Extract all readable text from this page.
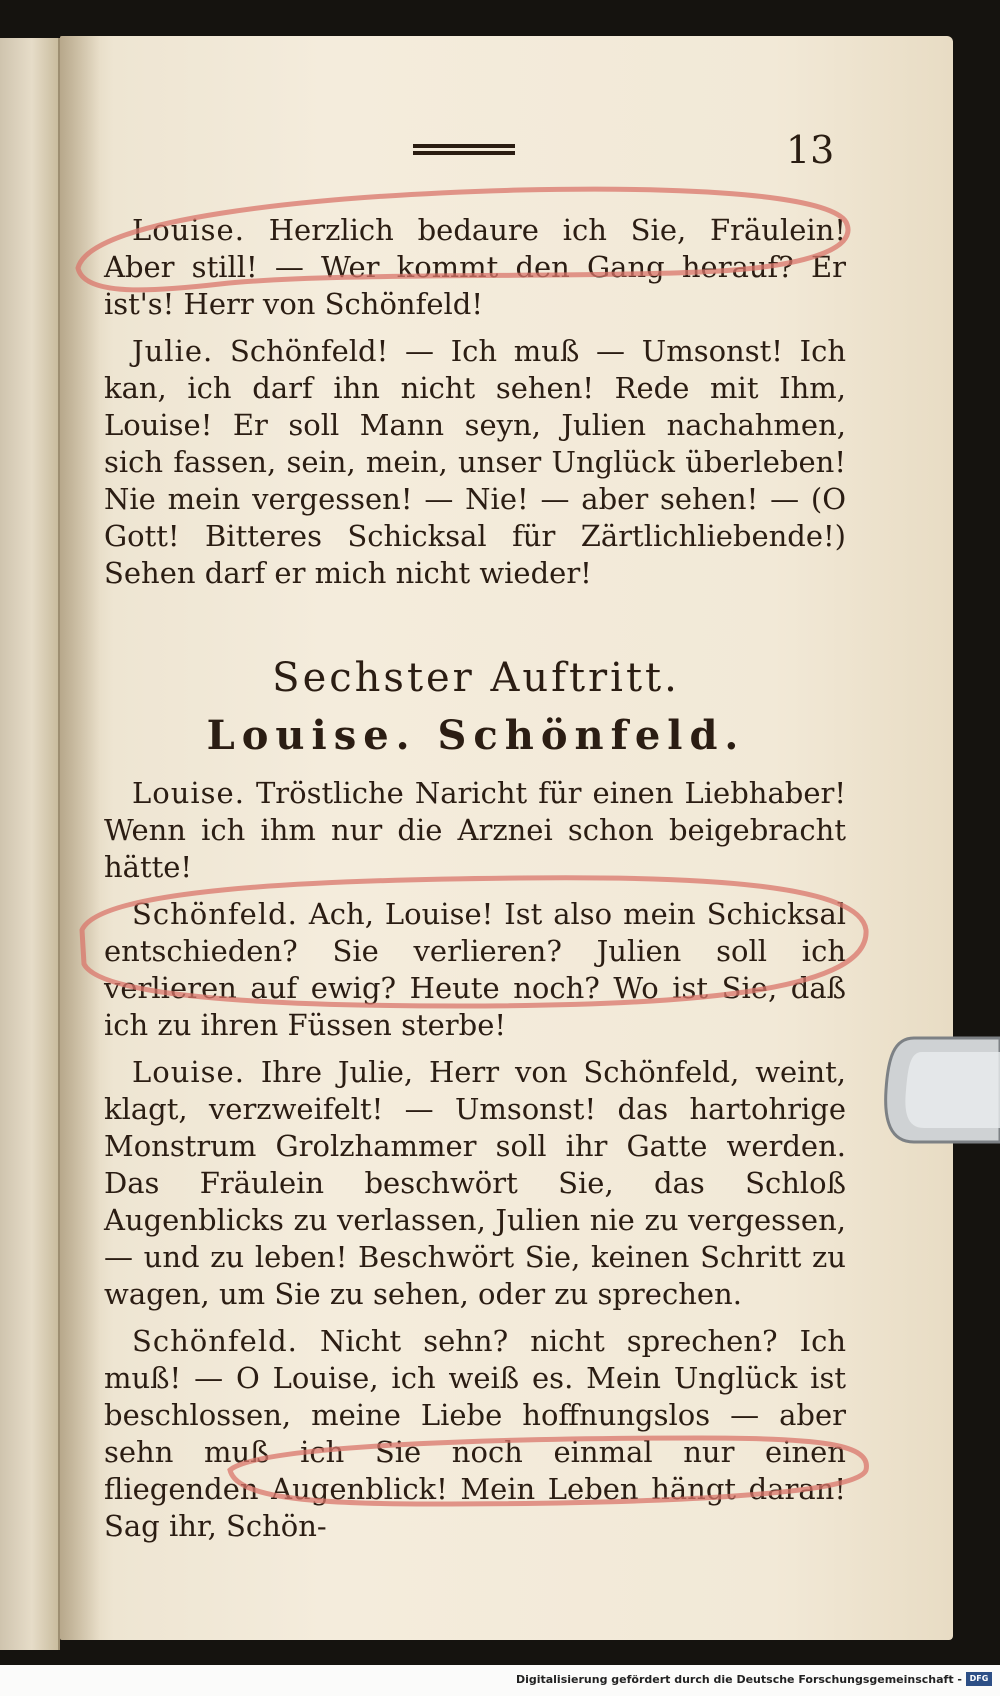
13

Louise. Herzlich bedaure ich Sie, Fräulein! Aber still! — Wer kommt den Gang herauf? Er ist's! Herr von Schönfeld!

Julie. Schönfeld! — Ich muß — Umsonst! Ich kan, ich darf ihn nicht sehen! Rede mit Ihm, Louise! Er soll Mann seyn, Julien nachahmen, sich fassen, sein, mein, unser Unglück überleben! Nie mein vergessen! — Nie! — aber sehen! — (O Gott! Bitteres Schicksal für Zärtlichliebende!) Sehen darf er mich nicht wieder!

Sechster Auftritt.
Louise. Schönfeld.

Louise. Tröstliche Naricht für einen Liebhaber! Wenn ich ihm nur die Arznei schon beigebracht hätte!

Schönfeld. Ach, Louise! Ist also mein Schicksal entschieden? Sie verlieren? Julien soll ich verlieren auf ewig? Heute noch? Wo ist Sie, daß ich zu ihren Füssen sterbe!

Louise. Ihre Julie, Herr von Schönfeld, weint, klagt, verzweifelt! — Umsonst! das hartohrige Monstrum Grolzhammer soll ihr Gatte werden. Das Fräulein beschwört Sie, das Schloß Augenblicks zu verlassen, Julien nie zu vergessen, — und zu leben! Beschwört Sie, keinen Schritt zu wagen, um Sie zu sehen, oder zu sprechen.

Schönfeld. Nicht sehn? nicht sprechen? Ich muß! — O Louise, ich weiß es. Mein Unglück ist beschlossen, meine Liebe hoffnungslos — aber sehn muß ich Sie noch einmal nur einen fliegenden Augenblick! Mein Leben hängt daran! Sag ihr, Schön-

Digitalisierung gefördert durch die Deutsche Forschungsgemeinschaft - DFG
